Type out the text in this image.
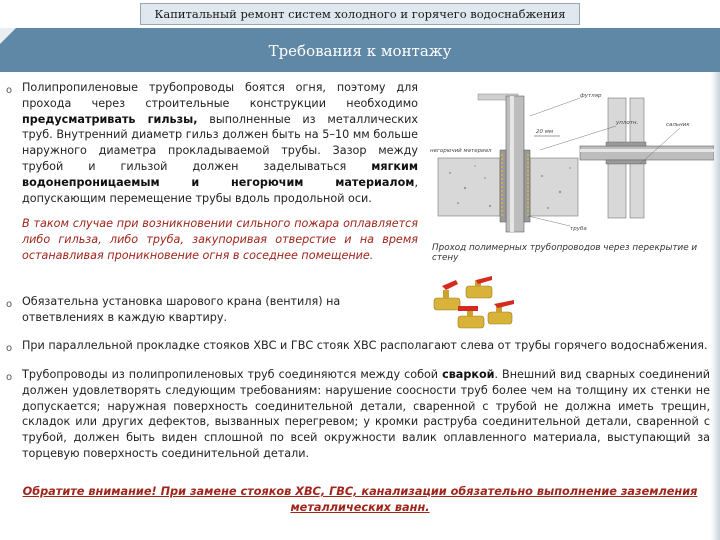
Капитальный ремонт систем холодного и горячего водоснабжения
Требования к монтажу
o Полипропиленовые трубопроводы боятся огня, поэтому для прохода через строительные конструкции необходимо предусматривать гильзы, выполненные из металлических труб. Внутренний диаметр гильз должен быть на 5–10 мм больше наружного диаметра прокладываемой трубы. Зазор между трубой и гильзой должен заделываться мягким водонепроницаемым и негорючим материалом, допускающим перемещение трубы вдоль продольной оси.
В таком случае при возникновении сильного пожара оплавляется либо гильза, либо труба, закупоривая отверстие и на время останавливая проникновение огня в соседнее помещение.
20 мм
футляр
уплотн.	сальник
труба
негорючий материал
Проход полимерных трубопроводов через перекрытие и стену
o Обязательна установка шарового крана (вентиля) на ответвлениях в каждую квартиру.
o При параллельной прокладке стояков ХВС и ГВС стояк ХВС располагают слева от трубы горячего водоснабжения.
o Трубопроводы из полипропиленовых труб соединяются между собой сваркой. Внешний вид сварных соединений должен удовлетворять следующим требованиям: нарушение соосности труб более чем на толщину их стенки не допускается; наружная поверхность соединительной детали, сваренной с трубой не должна иметь трещин, складок или других дефектов, вызванных перегревом; у кромки раструба соединительной детали, сваренной с трубой, должен быть виден сплошной по всей окружности валик оплавленного материала, выступающий за торцевую поверхность соединительной детали.
Обратите внимание! При замене стояков ХВС, ГВС, канализации обязательно выполнение заземления металлических ванн.
